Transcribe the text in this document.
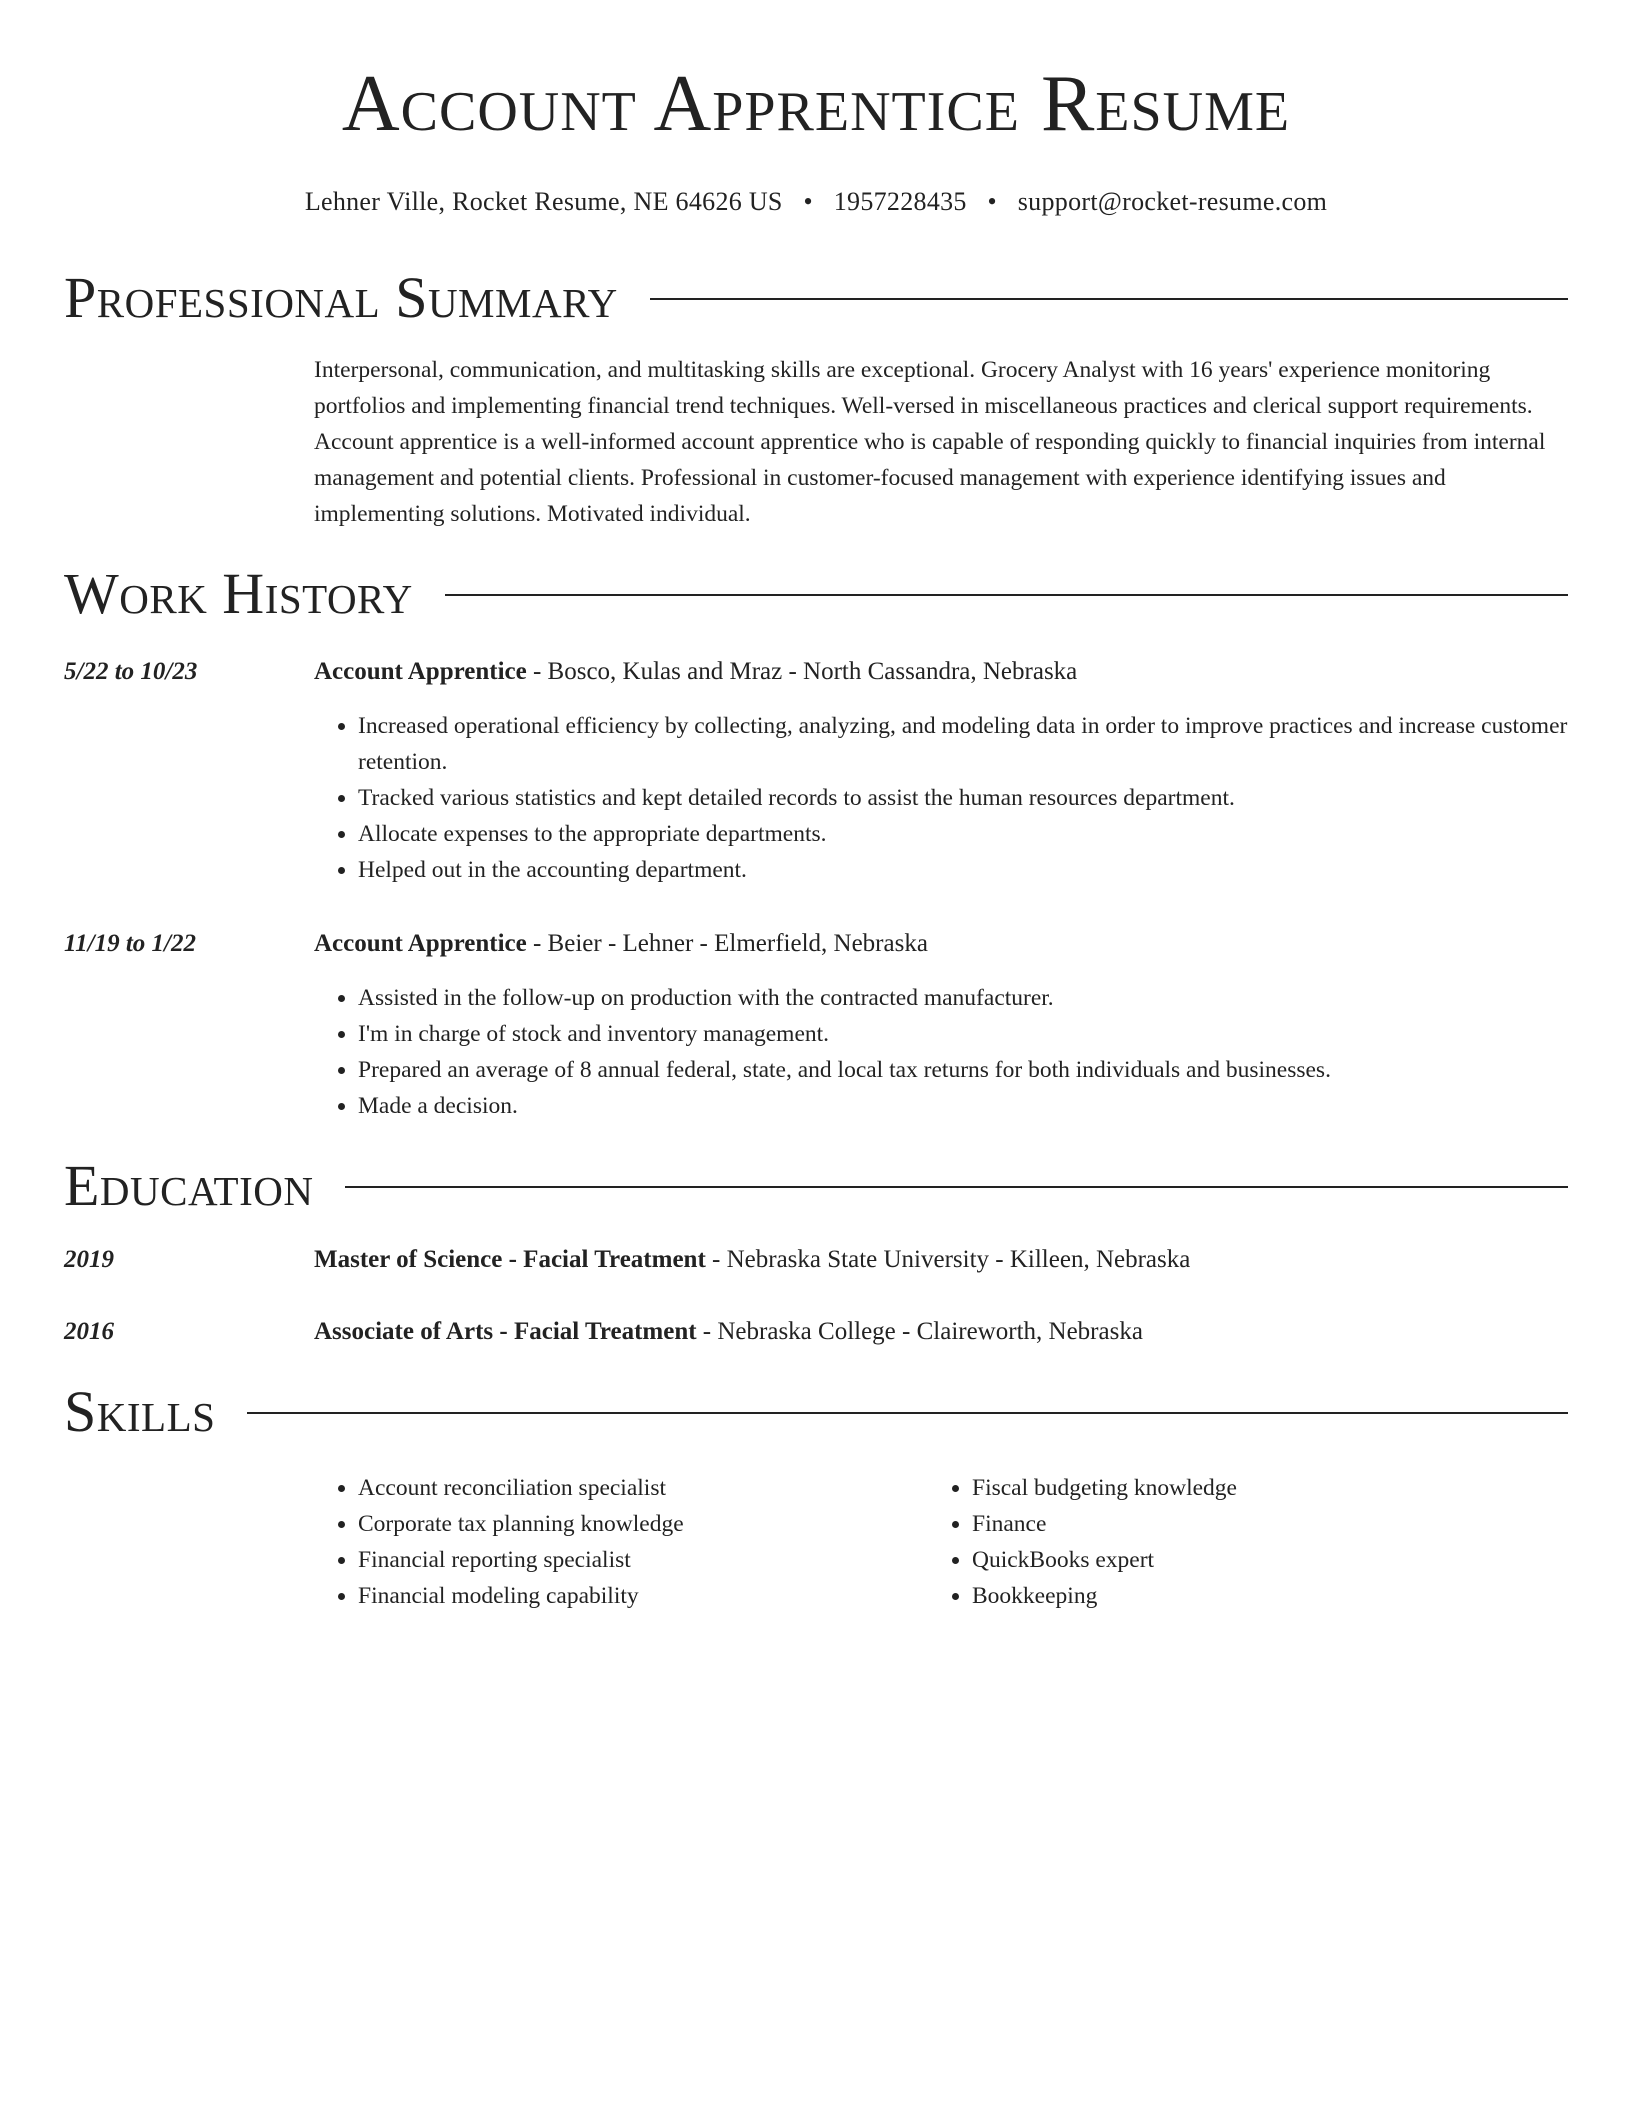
Account Apprentice Resume
Lehner Ville, Rocket Resume, NE 64626 US • 1957228435 • support@rocket-resume.com
Professional Summary
Interpersonal, communication, and multitasking skills are exceptional. Grocery Analyst with 16 years' experience monitoring portfolios and implementing financial trend techniques. Well-versed in miscellaneous practices and clerical support requirements. Account apprentice is a well-informed account apprentice who is capable of responding quickly to financial inquiries from internal management and potential clients. Professional in customer-focused management with experience identifying issues and implementing solutions. Motivated individual.
Work History
5/22 to 10/23	Account Apprentice - Bosco, Kulas and Mraz - North Cassandra, Nebraska
• Increased operational efficiency by collecting, analyzing, and modeling data in order to improve practices and increase customer retention.
• Tracked various statistics and kept detailed records to assist the human resources department.
• Allocate expenses to the appropriate departments.
• Helped out in the accounting department.
11/19 to 1/22	Account Apprentice - Beier - Lehner - Elmerfield, Nebraska
• Assisted in the follow-up on production with the contracted manufacturer.
• I'm in charge of stock and inventory management.
• Prepared an average of 8 annual federal, state, and local tax returns for both individuals and businesses.
• Made a decision.
Education
2019	Master of Science - Facial Treatment - Nebraska State University - Killeen, Nebraska
2016	Associate of Arts - Facial Treatment - Nebraska College - Claireworth, Nebraska
Skills
• Account reconciliation specialist
• Corporate tax planning knowledge
• Financial reporting specialist
• Financial modeling capability
• Fiscal budgeting knowledge
• Finance
• QuickBooks expert
• Bookkeeping
